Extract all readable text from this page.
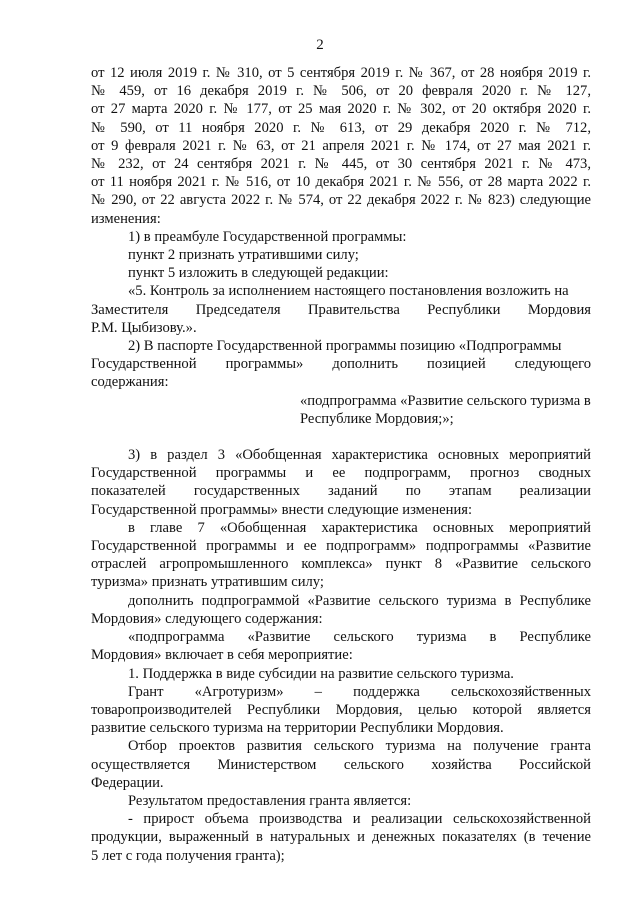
2

от 12 июля 2019 г. № 310, от 5 сентября 2019 г. № 367, от 28 ноября 2019 г.

№ 459, от 16 декабря 2019 г. № 506, от 20 февраля 2020 г. № 127,

от 27 марта 2020 г. № 177, от 25 мая 2020 г. № 302, от 20 октября 2020 г.

№ 590, от 11 ноября 2020 г. № 613, от 29 декабря 2020 г. № 712,

от 9 февраля 2021 г. № 63, от 21 апреля 2021 г. № 174, от 27 мая 2021 г.

№ 232, от 24 сентября 2021 г. № 445, от 30 сентября 2021 г. № 473,

от 11 ноября 2021 г. № 516, от 10 декабря 2021 г. № 556, от 28 марта 2022 г.

№ 290, от 22 августа 2022 г. № 574, от 22 декабря 2022 г. № 823) следующие

изменения:

1) в преамбуле Государственной программы:

пункт 2 признать утратившими силу;

пункт 5 изложить в следующей редакции:

«5. Контроль за исполнением настоящего постановления возложить на

Заместителя Председателя Правительства Республики Мордовия

Р.М. Цыбизову.».

2) В паспорте Государственной программы позицию «Подпрограммы

Государственной программы» дополнить позицией следующего

содержания:

«подпрограмма «Развитие сельского туризма в

Республике Мордовия;»;

3) в раздел 3 «Обобщенная характеристика основных мероприятий

Государственной программы и ее подпрограмм, прогноз сводных

показателей государственных заданий по этапам реализации

Государственной программы» внести следующие изменения:

в главе 7 «Обобщенная характеристика основных мероприятий

Государственной программы и ее подпрограмм» подпрограммы «Развитие

отраслей агропромышленного комплекса» пункт 8 «Развитие сельского

туризма» признать утратившим силу;

дополнить подпрограммой «Развитие сельского туризма в Республике

Мордовия» следующего содержания:

«подпрограмма «Развитие сельского туризма в Республике

Мордовия» включает в себя мероприятие:

1. Поддержка в виде субсидии на развитие сельского туризма.

Грант «Агротуризм» – поддержка сельскохозяйственных

товаропроизводителей Республики Мордовия, целью которой является

развитие сельского туризма на территории Республики Мордовия.

Отбор проектов развития сельского туризма на получение гранта

осуществляется Министерством сельского хозяйства Российской

Федерации.

Результатом предоставления гранта является:

- прирост объема производства и реализации сельскохозяйственной

продукции, выраженный в натуральных и денежных показателях (в течение

5 лет с года получения гранта);
